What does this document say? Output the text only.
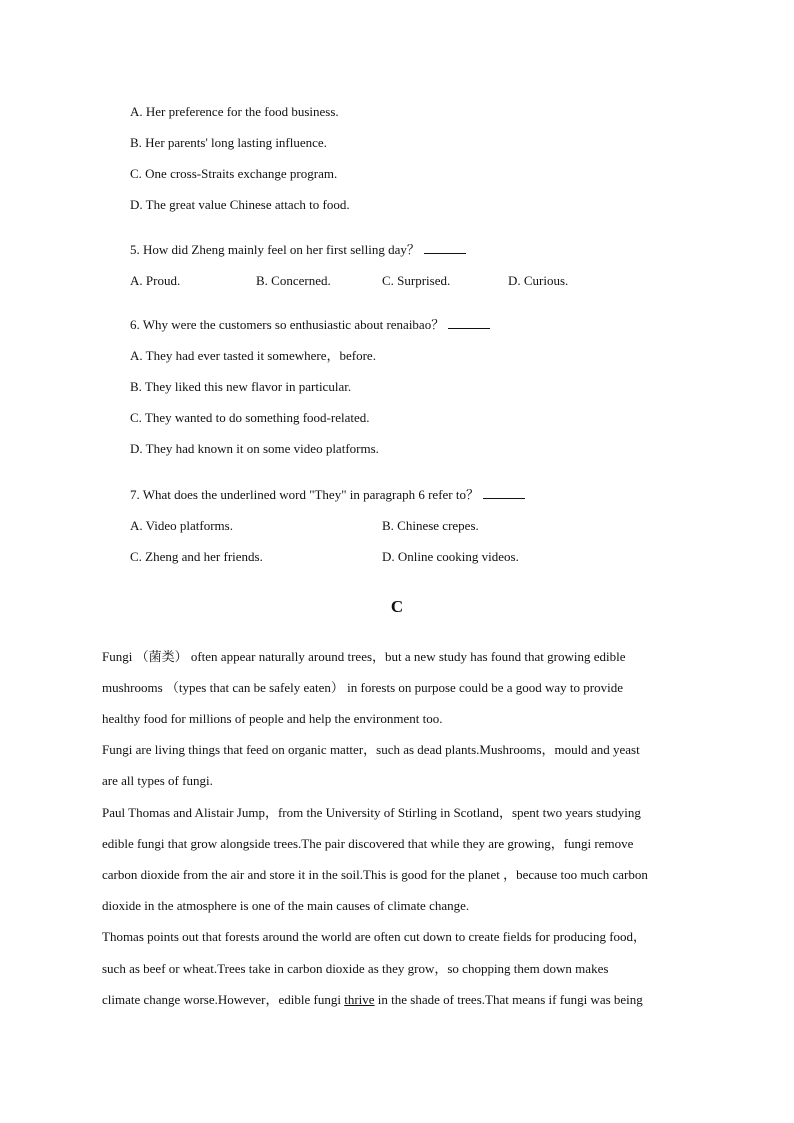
A. Her preference for the food business.
B. Her parents' long lasting influence.
C. One cross-Straits exchange program.
D. The great value Chinese attach to food.
5. How did Zheng mainly feel on her first selling day？
A. Proud.	B. Concerned.	C. Surprised.	D. Curious.
6. Why were the customers so enthusiastic about renaibao？
A. They had ever tasted it somewhere，before.
B. They liked this new flavor in particular.
C. They wanted to do something food-related.
D. They had known it on some video platforms.
7. What does the underlined word "They" in paragraph 6 refer to？
A. Video platforms.	B. Chinese crepes.
C. Zheng and her friends.	D. Online cooking videos.
C
Fungi （菌类） often appear naturally around trees，but a new study has found that growing edible
mushrooms （types that can be safely eaten） in forests on purpose could be a good way to provide
healthy food for millions of people and help the environment too.
Fungi are living things that feed on organic matter，such as dead plants.Mushrooms，mould and yeast
are all types of fungi.
Paul Thomas and Alistair Jump，from the University of Stirling in Scotland，spent two years studying
edible fungi that grow alongside trees.The pair discovered that while they are growing，fungi remove
carbon dioxide from the air and store it in the soil.This is good for the planet ，because too much carbon
dioxide in the atmosphere is one of the main causes of climate change.
Thomas points out that forests around the world are often cut down to create fields for producing food，
such as beef or wheat.Trees take in carbon dioxide as they grow，so chopping them down makes
climate change worse.However，edible fungi thrive in the shade of trees.That means if fungi was being
